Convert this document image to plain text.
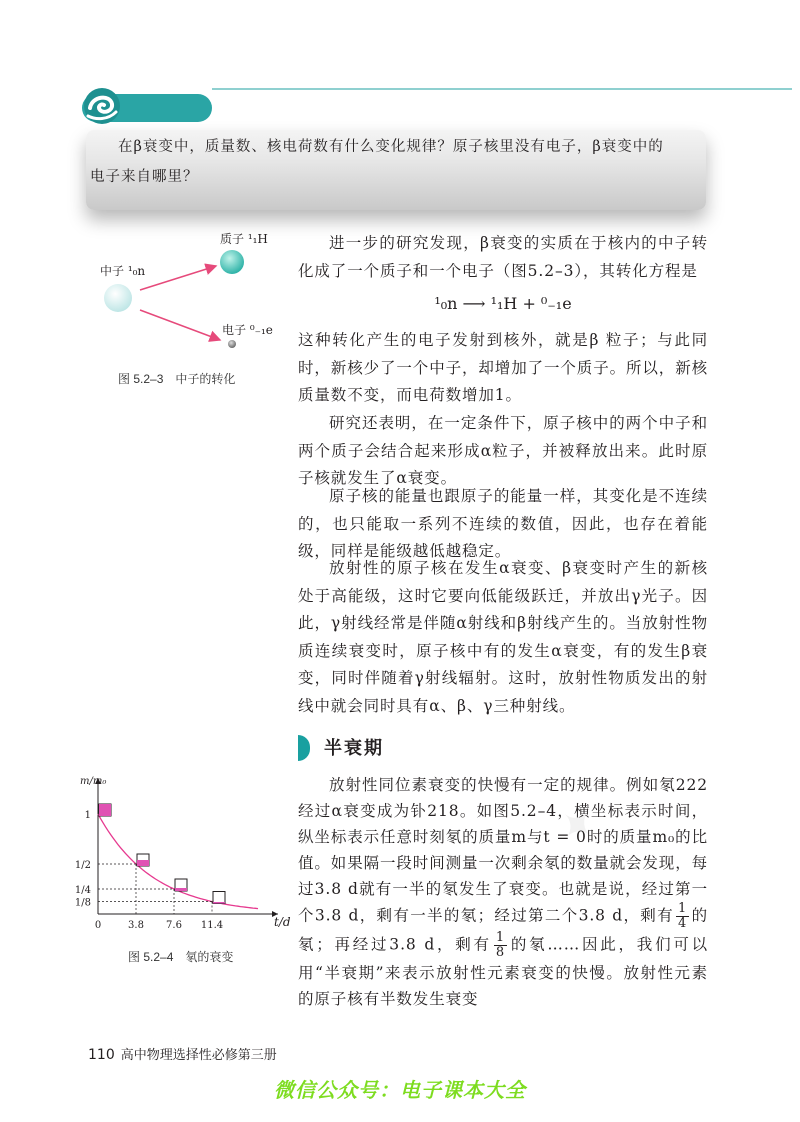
在β衰变中，质量数、核电荷数有什么变化规律？原子核里没有电子，β衰变中的

电子来自哪里？

中子 ¹₀n
质子 ¹₁H
电子 ⁰₋₁e
图 5.2–3　中子的转化

进一步的研究发现，β衰变的实质在于核内的中子转化成了一个质子和一个电子（图5.2–3），其转化方程是

¹₀n ⟶ ¹₁H + ⁰₋₁e

这种转化产生的电子发射到核外，就是β 粒子；与此同时，新核少了一个中子，却增加了一个质子。所以，新核质量数不变，而电荷数增加1。

研究还表明，在一定条件下，原子核中的两个中子和两个质子会结合起来形成α粒子，并被释放出来。此时原子核就发生了α衰变。

原子核的能量也跟原子的能量一样，其变化是不连续的，也只能取一系列不连续的数值，因此，也存在着能级，同样是能级越低越稳定。

放射性的原子核在发生α衰变、β衰变时产生的新核处于高能级，这时它要向低能级跃迁，并放出γ光子。因此，γ射线经常是伴随α射线和β射线产生的。当放射性物质连续衰变时，原子核中有的发生α衰变，有的发生β衰变，同时伴随着γ射线辐射。这时，放射性物质发出的射线中就会同时具有α、β、γ三种射线。

半衰期

放射性同位素衰变的快慢有一定的规律。例如氡222经过α衰变成为钋218。如图5.2–4，横坐标表示时间，纵坐标表示任意时刻氡的质量m与t = 0时的质量m₀的比值。如果隔一段时间测量一次剩余氡的数量就会发现，每过3.8 d就有一半的氡发生了衰变。也就是说，经过第一个3.8 d，剩有一半的氡；经过第二个3.8 d，剩有 $\frac{1}{4}$ 的氡；再经过3.8 d，剩有 $\frac{1}{8}$ 的氡……因此，我们可以用“半衰期”来表示放射性元素衰变的快慢。放射性元素的原子核有半数发生衰变

0
1
3.8
1/2
7.6
1/4
11.4
1/8
t/d
m/m₀
图 5.2–4　氡的衰变
✦
110 高中物理选择性必修第三册
微信公众号：电子课本大全
